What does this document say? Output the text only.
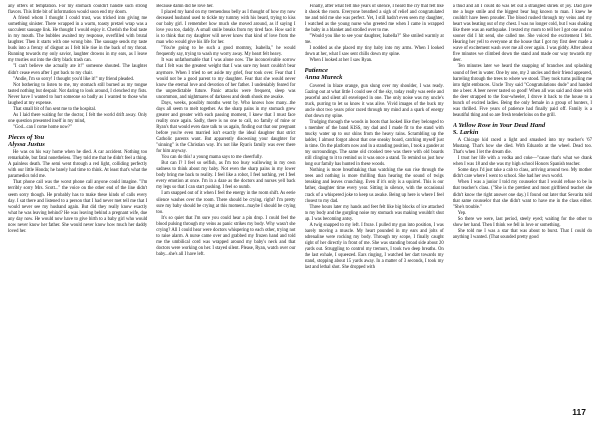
any offers of temptation. For my stomach couldn't handle such strong flavors. This little bit of information would soon end my doom.

A friend whom I thought I could trust, was tricked into giving me something sinister. There wrapped in a warm, toasty pretzel wrap was a succulent sausage link. He thought I would enjoy it. Cherish the foul taste in my mouth. The bubbles awaited my response, overfilled with brutal laughter. Then it starts with one wrong bite. The sausage sends my taste buds into a frenzy of disgust as I felt bile rise in the back of my throat. Running towards my only savior, laughter drowns in my ears, as I leave my trusties out into the dirty black trash can.

"I can't believe she actually ate it!" someone shouted. The laughter didn't cease even after I got back to my chair.

"Andie, I'm so sorry! I thought you'd like it!" my friend pleaded.

Not bothering to listen to me, my stomach still burned as my tongue tasted nothing but despair. Not daring to look around, I clenched my fists. Never have I wanted to hurt someone so badly as I wanted to those who laughed at my expense.

That small bit of fun sent me to the hospital.

As I laid there waiting for the doctor, I felt the world drift away. Only one question presented itself in my mind,

"God...can I come home now?"

Pieces of You

Alyssa Justus

He was on his way home when he died. A car accident. Nothing too remarkable, but fatal nonetheless. They told me that he didn't feel a thing. A painless death. The semi went through a red light, colliding perfectly with our little Honda; he barely had time to think. At least that's what the paramedics told me.

That phone call was the worst phone call anyone could imagine. "I'm terribly sorry Mrs. Scott..." the voice on the other end of the line didn't seem sorry though. He probably has to make these kinds of calls every day. I sat there and listened to a person that I had never met tell me that I would never see my husband again. But did they really know exactly what he was leaving behind? He was leaving behind a pregnant wife, due any day now. He would now have to give birth to a baby girl who would now never know her father. She would never know how much her daddy loved her.

Because damn did he love her.

I placed my hand on my tremendous belly as I thought of how my now deceased husband used to tickle my tummy with his beard, trying to kiss our baby girl. I remember how much she moved around, as if saying I love you too, daddy. A small smile breaks from my tired face. How sad it is to think that my daughter will never know that kind of love from the man who would give his life for her.

"You're going to be such a good mommy, Isabella," he would frequently say, trying to wash my worry away. My heart felt heavy.

It was unfathomable that I was alone now. The inconceivable sorrow that I felt was the greatest weight that I was sure my heart couldn't bear anymore. When I tried to set aside my grief, fear took over. Fear that I would not be a good parent to my daughter. Fear that she would never know the eternal love and devotion of her father. I undeniably feared for the unpredictable future. Panic attacks were frequent, sleep was uncommon, and nightmares of darkness and death shook me awake.

Days, weeks, possibly months went by. Who knows how many...the days all seem to melt together. As the sharp pains in my stomach grew greater and greater with each passing moment, I knew that I must face reality once again. Sadly, there is no one to call, no family of mine or Ryan's that would even dare talk to us again, finding out that our pregnant before you're even married isn't exactly the ideal daughter that strict Catholic parents want. But apparently disowning your daughter for "sinning" is the Christian way. It's not like Ryan's family was ever there for him anyway.

You can do this! a young mama says to me cheerfully.

But can I? I feel so selfish, as I'm too busy wallowing in my own sadness to think about my baby. Not even the sharp pains in my lower body bring me back to reality. I feel like a robot, I feel nothing, yet I feel every emotion at once. I'm in a daze as the doctors and nurses yell back my legs so that I can start pushing. I feel so numb.

I am snapped out of it when I feel the energy in the room shift. As eerie silence washes over the room. There should be crying, right? I'm pretty sure my baby should be crying at this moment...maybe I should be crying too.

It's so quiet that I'm sure you could hear a pin drop. I could feel the blood pulsing through my veins as panic strikes my body. Why wasn't she crying? All I could hear were doctors whispering to each other, trying not to raise alarm. A nurse came over and grabbed my frozen hand and told me the umbilical cord was wrapped around my baby's neck and that doctors were working on her. I stayed silent. Please, Ryan, watch over our baby...she's all I have left.

Finally, after what felt like years of silence, I heard the cry that felt like it shook the room. Everyone breathed a sigh of relief and congratulated me and told me she was perfect. Yet, I still hadn't even seen my daughter, I watched as the young nurse who greeted me when I came in wrapped the baby in a blanket and strolled over to me.

"Would you like to see your daughter, Isabella?" She smiled warmly at me.

I nodded as she placed my tiny baby into my arms. When I looked down at her, what I saw sent chills down my spine.

When I looked at her I saw Ryan.

Patience

Anna Mureck

Covered in blaze orange, gun slung over my shoulder, I was ready. Gazing out at what little I could see of the sky, today really was eerie and peaceful and silent all enveloped in one. The only noise was my uncle's truck, purring to let us know it was alive. Vivid images of the buck my uncle shot two years prior raced through my mind and a spark of energy shot down my spine.

Trudging through the woods in boots that looked like they belonged to a member of the band KISS, my dad and I made fit to the stand with mucky water up to our shins from the heavy rains. Scrambling up the ladder, I almost forgot about that one sneaky board, catching myself just in time. On the platform now and in a standing position, I took a gander at my surroundings. The same old crooked tree was there with old boards still clinging to it to remind us it was once a stand. To remind us just how long our family has hunted in these woods.

Nothing is more breathtaking than watching the sun rise through the trees and nothing is more thrilling than hearing the sound of twigs breaking and leaves crunching. Even if it's only is a squirrel. This is our father, daughter time every year. Sitting in silence, with the occasional crack of a whispered joke to keep us awake. Being up here is where I feel closest to my dad.

Three hours later my hands and feet felt like big blocks of ice attached to my body and the gurgling noise my stomach was making wouldn't shut up. I was becoming antsy.

A twig snapped to my left. I froze. I pulled my gun into position, I was barely moving a muscle. My heart pounded in my ears and jolts of adrenaline were rocking my body. Through my scope, I finally caught sight of her directly in front of me. She was standing broad side about 20 yards out. Struggling to control my tremors, I took two deep breaths. On the last exhale, I squeezed. Ears ringing, I watched her dart towards my stand, stopping about 15 yards away. In a matter of 3 seconds, I took my last and lethal shot. She dropped with

a thud and all I could do was let out a strangled shriek of joy. Dad gave me a huge smile and the biggest bear hug known to man. I knew he couldn't have been prouder. The blood rushed through my veins and my heart was beating out of my chest. I was no longer cold, but I was shaking like there was an earthquake. I texted my mom to tell her I got one and no sooner did I hit send, she called me. She voiced the excitement I felt. Hearing her yell to everyone at the house that I got my first deer made a wave of excitement wash over me all over again. I was giddy. After about five minutes we climbed down the stand and made our way towards my deer.

Ten minutes later we heard the snapping of branches and splashing sound of feet in water. One by one, my 2 uncles and their friend appeared, barreling through the trees to where we stood. They took turns pulling me into tight embraces. Uncle Troy said "Congratulations dude" and handed me a beer. A beer never tasted so good! When all was said and done with the deer strapped to the four-wheeler, I drove it back to the house to a bunch of excited ladies. Being the only female in a group of hunters, I was thrilled. Five years of patience had finally paid off. Family is a beautiful thing and so are fresh tenderloins on the grill.

A Yellow Rose in Your Dead Hand

S. Larkin

A Chicago kid raced a light and smashed into my teacher's '67 Mustang. That's how she died. With Eduardo at the wheel. Dead too. That's when I let the dream die.

I trust her life with a vodka and coke—"cause that's what we drank when I was 18 and she was my high school Honors Spanish teacher.

Some days I'd just take a cab to class, arriving around two. My mother didn't care where I went to school. She had her own world.

When I was a junior I told my counselor that I would refuse to be in that teacher's class. ("She is the prettiest and most girlfriend teacher she didn't know the right answer one day.) I found out later that Sevarita told that same counselor that she didn't want to have me in the class either. "She's trouble."

Yep.

So there we were, last period, steely eyed; waiting for the other to show her hand. Then I think we fell in love or something.

She told me I was a star that was about to burst. That I could do anything I wanted. (That sounded pretty good

117
